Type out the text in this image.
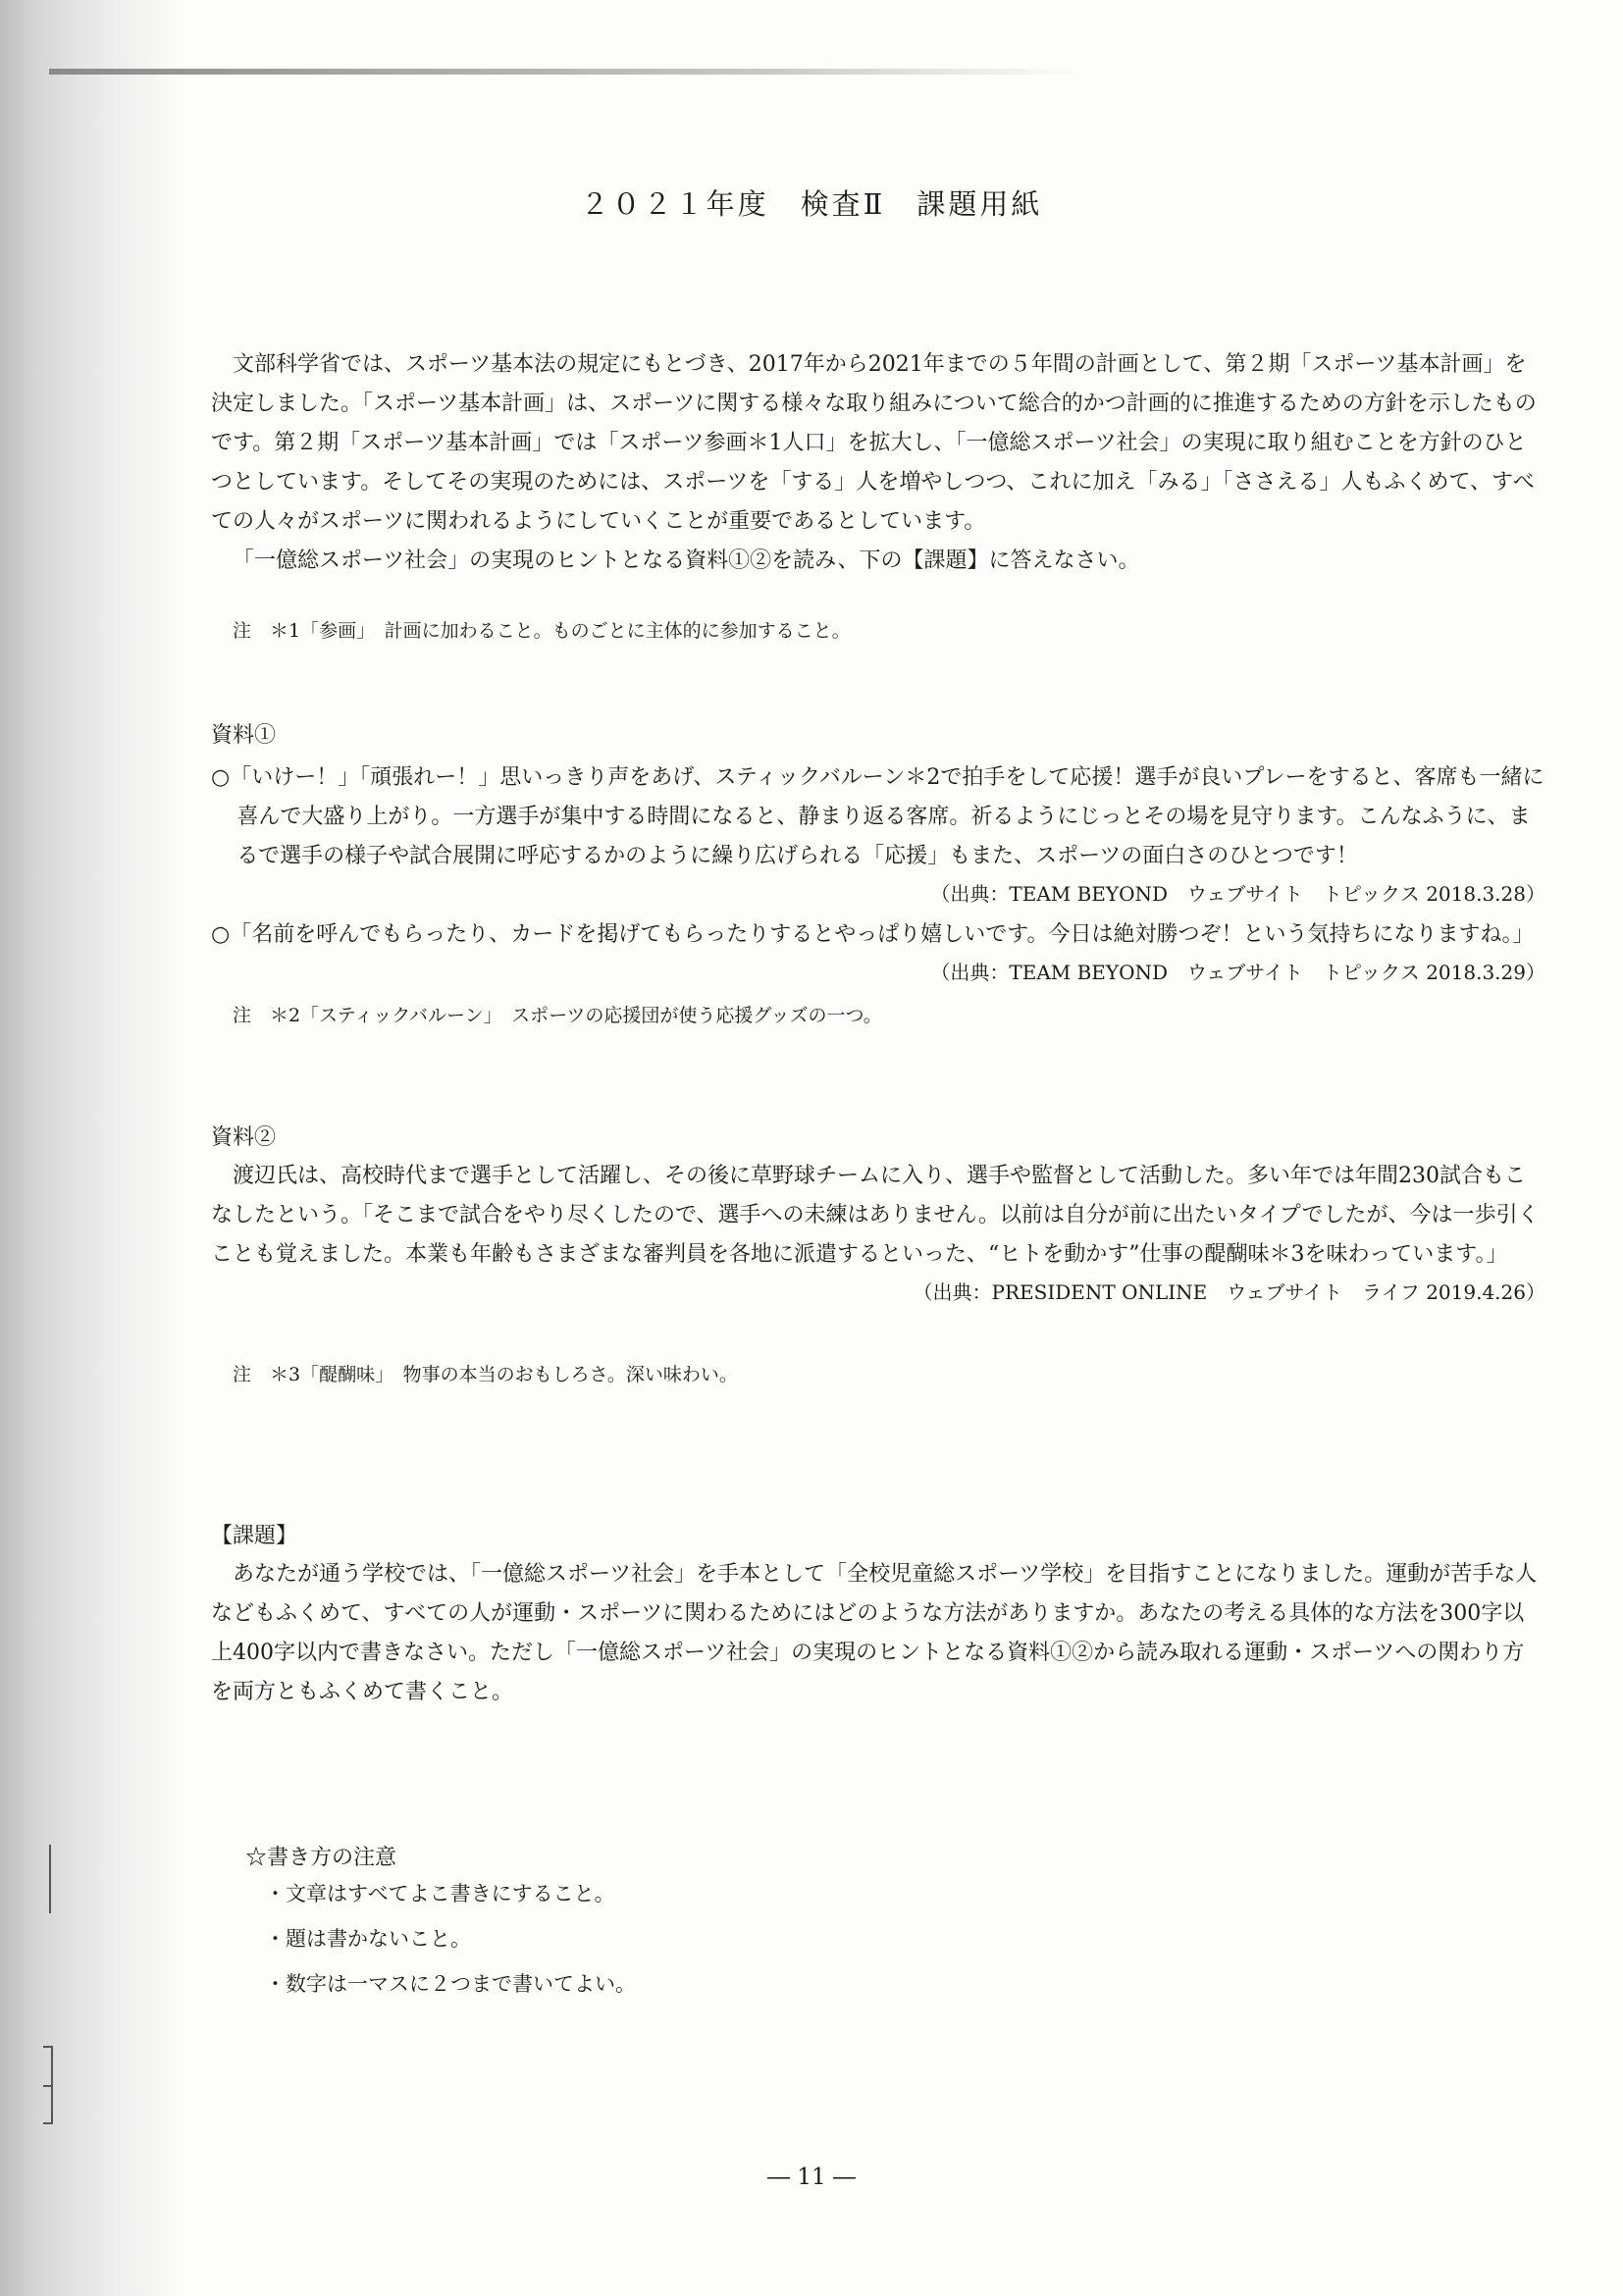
２０２１年度　検査Ⅱ　課題用紙

文部科学省では、スポーツ基本法の規定にもとづき、2017年から2021年までの５年間の計画として、第２期「スポーツ基本計画」を決定しました。「スポーツ基本計画」は、スポーツに関する様々な取り組みについて総合的かつ計画的に推進するための方針を示したものです。第２期「スポーツ基本計画」では「スポーツ参画＊1人口」を拡大し、「一億総スポーツ社会」の実現に取り組むことを方針のひとつとしています。そしてその実現のためには、スポーツを「する」人を増やしつつ、これに加え「みる」「ささえる」人もふくめて、すべての人々がスポーツに関われるようにしていくことが重要であるとしています。

「一億総スポーツ社会」の実現のヒントとなる資料①②を読み、下の【課題】に答えなさい。

注　＊1「参画」　計画に加わること。ものごとに主体的に参加すること。

資料①

○「いけー！」「頑張れー！」思いっきり声をあげ、スティックバルーン＊2で拍手をして応援！選手が良いプレーをすると、客席も一緒に喜んで大盛り上がり。一方選手が集中する時間になると、静まり返る客席。祈るようにじっとその場を見守ります。こんなふうに、まるで選手の様子や試合展開に呼応するかのように繰り広げられる「応援」もまた、スポーツの面白さのひとつです！

（出典：TEAM BEYOND　ウェブサイト　トピックス 2018.3.28）

○「名前を呼んでもらったり、カードを掲げてもらったりするとやっぱり嬉しいです。今日は絶対勝つぞ！という気持ちになりますね。」

（出典：TEAM BEYOND　ウェブサイト　トピックス 2018.3.29）

注　＊2「スティックバルーン」　スポーツの応援団が使う応援グッズの一つ。

資料②

渡辺氏は、高校時代まで選手として活躍し、その後に草野球チームに入り、選手や監督として活動した。多い年では年間230試合もこなしたという。「そこまで試合をやり尽くしたので、選手への未練はありません。以前は自分が前に出たいタイプでしたが、今は一歩引くことも覚えました。本業も年齢もさまざまな審判員を各地に派遣するといった、“ヒトを動かす”仕事の醍醐味＊3を味わっています。」

（出典：PRESIDENT ONLINE　ウェブサイト　ライフ 2019.4.26）

注　＊3「醍醐味」　物事の本当のおもしろさ。深い味わい。

【課題】

あなたが通う学校では、「一億総スポーツ社会」を手本として「全校児童総スポーツ学校」を目指すことになりました。運動が苦手な人などもふくめて、すべての人が運動・スポーツに関わるためにはどのような方法がありますか。あなたの考える具体的な方法を300字以上400字以内で書きなさい。ただし「一億総スポーツ社会」の実現のヒントとなる資料①②から読み取れる運動・スポーツへの関わり方を両方ともふくめて書くこと。

☆書き方の注意

・文章はすべてよこ書きにすること。
・題は書かないこと。
・数字は一マスに２つまで書いてよい。
― 11 ―
